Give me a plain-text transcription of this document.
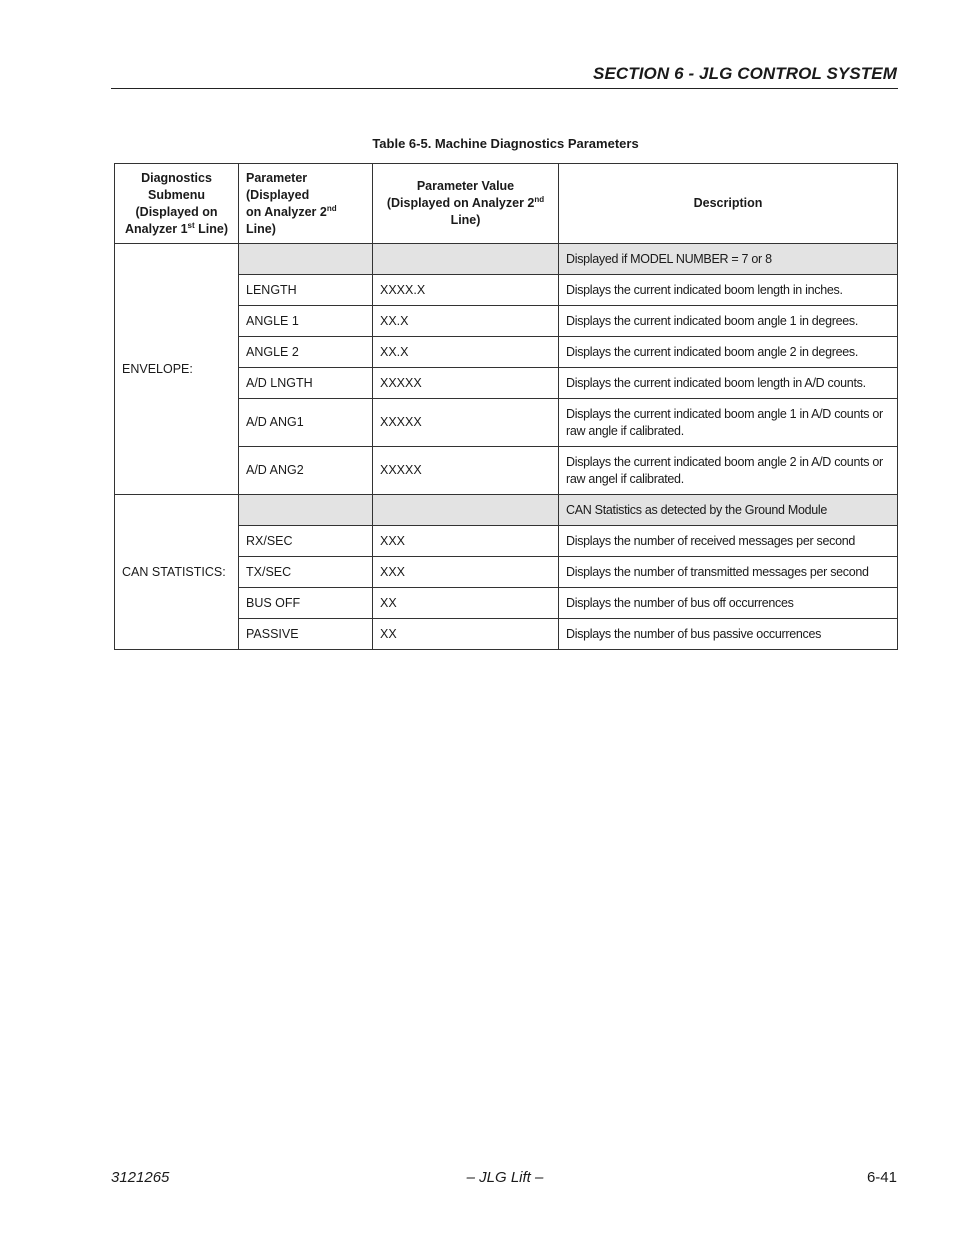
SECTION 6 - JLG CONTROL SYSTEM
Table 6-5. Machine Diagnostics Parameters
Diagnostics
Submenu
(Displayed on
Analyzer 1st Line)	Parameter (Displayed
on Analyzer 2nd Line)	Parameter Value
(Displayed on Analyzer 2nd
Line)	Description
ENVELOPE:			Displayed if MODEL NUMBER = 7 or 8
	LENGTH	XXXX.X	Displays the current indicated boom length in inches.
	ANGLE 1	XX.X	Displays the current indicated boom angle 1 in degrees.
	ANGLE 2	XX.X	Displays the current indicated boom angle 2 in degrees.
	A/D LNGTH	XXXXX	Displays the current indicated boom length in A/D counts.
	A/D ANG1	XXXXX	Displays the current indicated boom angle 1 in A/D counts or raw angle if calibrated.
	A/D ANG2	XXXXX	Displays the current indicated boom angle 2 in A/D counts or raw angel if calibrated.
CAN STATISTICS:			CAN Statistics as detected by the Ground Module
	RX/SEC	XXX	Displays the number of received messages per second
	TX/SEC	XXX	Displays the number of transmitted messages per second
	BUS OFF	XX	Displays the number of bus off occurrences
	PASSIVE	XX	Displays the number of bus passive occurrences
3121265	– JLG Lift –	6-41
